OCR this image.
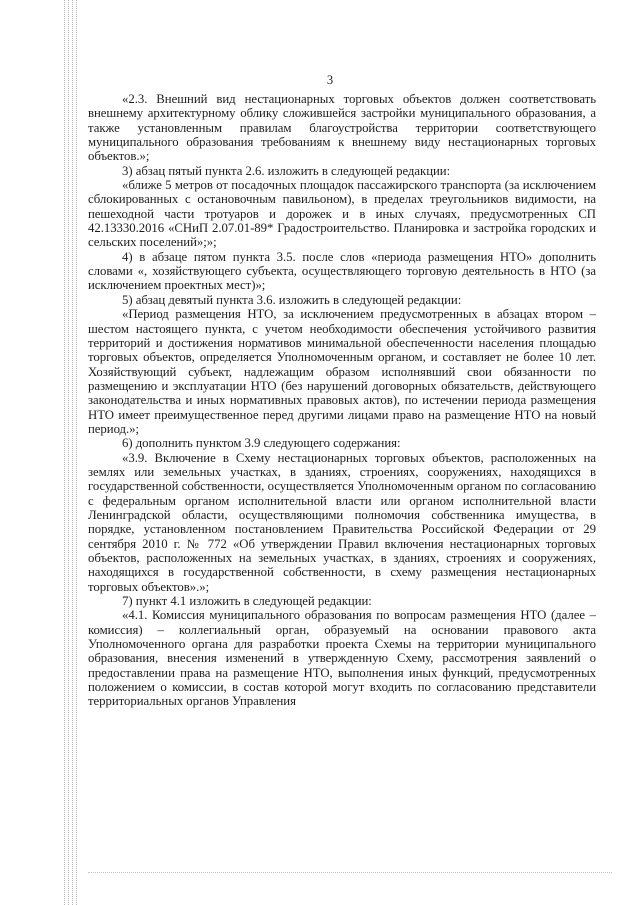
3

«2.3. Внешний вид нестационарных торговых объектов должен соответствовать внешнему архитектурному облику сложившейся застройки муниципального образования, а также установленным правилам благоустройства территории соответствующего муниципального образования требованиям к внешнему виду нестационарных торговых объектов.»;

3) абзац пятый пункта 2.6. изложить в следующей редакции:

«ближе 5 метров от посадочных площадок пассажирского транспорта (за исключением сблокированных с остановочным павильоном), в пределах треугольников видимости, на пешеходной части тротуаров и дорожек и в иных случаях, предусмотренных СП 42.13330.2016 «СНиП 2.07.01-89* Градостроительство. Планировка и застройка городских и сельских поселений»;»;

4) в абзаце пятом пункта 3.5. после слов «периода размещения НТО» дополнить словами «, хозяйствующего субъекта, осуществляющего торговую деятельность в НТО (за исключением проектных мест)»;

5) абзац девятый пункта 3.6. изложить в следующей редакции:

«Период размещения НТО, за исключением предусмотренных в абзацах втором – шестом настоящего пункта, с учетом необходимости обеспечения устойчивого развития территорий и достижения нормативов минимальной обеспеченности населения площадью торговых объектов, определяется Уполномоченным органом, и составляет не более 10 лет. Хозяйствующий субъект, надлежащим образом исполнявший свои обязанности по размещению и эксплуатации НТО (без нарушений договорных обязательств, действующего законодательства и иных нормативных правовых актов), по истечении периода размещения НТО имеет преимущественное перед другими лицами право на размещение НТО на новый период.»;

6) дополнить пунктом 3.9 следующего содержания:

«3.9. Включение в Схему нестационарных торговых объектов, расположенных на землях или земельных участках, в зданиях, строениях, сооружениях, находящихся в государственной собственности, осуществляется Уполномоченным органом по согласованию с федеральным органом исполнительной власти или органом исполнительной власти Ленинградской области, осуществляющими полномочия собственника имущества, в порядке, установленном постановлением Правительства Российской Федерации от 29 сентября 2010 г. № 772 «Об утверждении Правил включения нестационарных торговых объектов, расположенных на земельных участках, в зданиях, строениях и сооружениях, находящихся в государственной собственности, в схему размещения нестационарных торговых объектов».»;

7) пункт 4.1 изложить в следующей редакции:

«4.1. Комиссия муниципального образования по вопросам размещения НТО (далее – комиссия) – коллегиальный орган, образуемый на основании правового акта Уполномоченного органа для разработки проекта Схемы на территории муниципального образования, внесения изменений в утвержденную Схему, рассмотрения заявлений о предоставлении права на размещение НТО, выполнения иных функций, предусмотренных положением о комиссии, в состав которой могут входить по согласованию представители территориальных органов Управления
